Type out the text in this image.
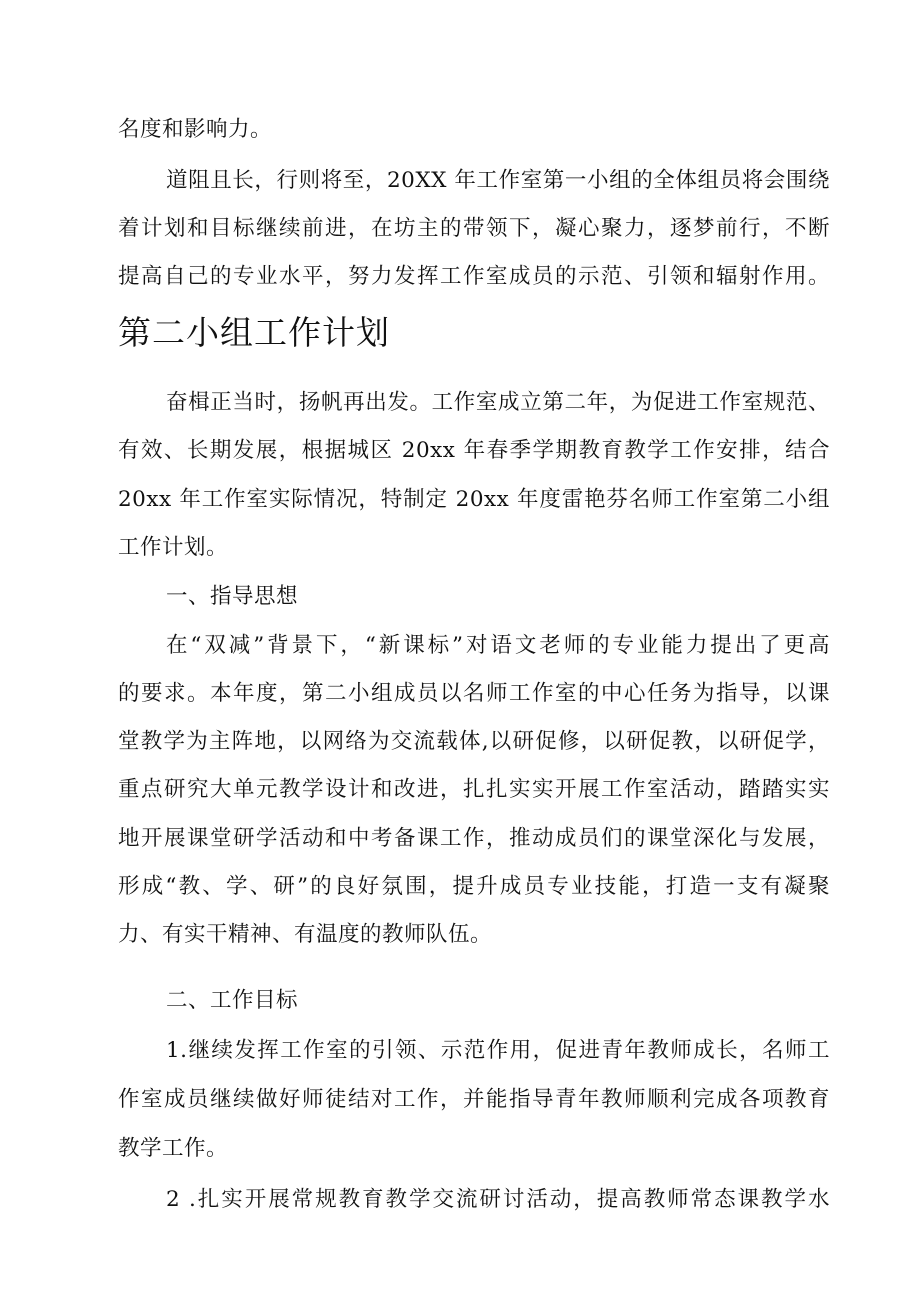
名度和影响力。
道阻且长，行则将至，20XX 年工作室第一小组的全体组员将会围绕
着计划和目标继续前进，在坊主的带领下，凝心聚力，逐梦前行，不断
提高自己的专业水平，努力发挥工作室成员的示范、引领和辐射作用。
第二小组工作计划
奋楫正当时，扬帆再出发。工作室成立第二年，为促进工作室规范、
有效、长期发展，根据城区 20xx 年春季学期教育教学工作安排，结合
20xx 年工作室实际情况，特制定 20xx 年度雷艳芬名师工作室第二小组
工作计划。
一、指导思想
在“双减”背景下，“新课标”对语文老师的专业能力提出了更高
的要求。本年度，第二小组成员以名师工作室的中心任务为指导，以课
堂教学为主阵地，以网络为交流载体,以研促修，以研促教，以研促学，
重点研究大单元教学设计和改进，扎扎实实开展工作室活动，踏踏实实
地开展课堂研学活动和中考备课工作，推动成员们的课堂深化与发展，
形成“教、学、研”的良好氛围，提升成员专业技能，打造一支有凝聚
力、有实干精神、有温度的教师队伍。
二、工作目标
1.继续发挥工作室的引领、示范作用，促进青年教师成长，名师工
作室成员继续做好师徒结对工作，并能指导青年教师顺利完成各项教育
教学工作。
2 .扎实开展常规教育教学交流研讨活动，提高教师常态课教学水
